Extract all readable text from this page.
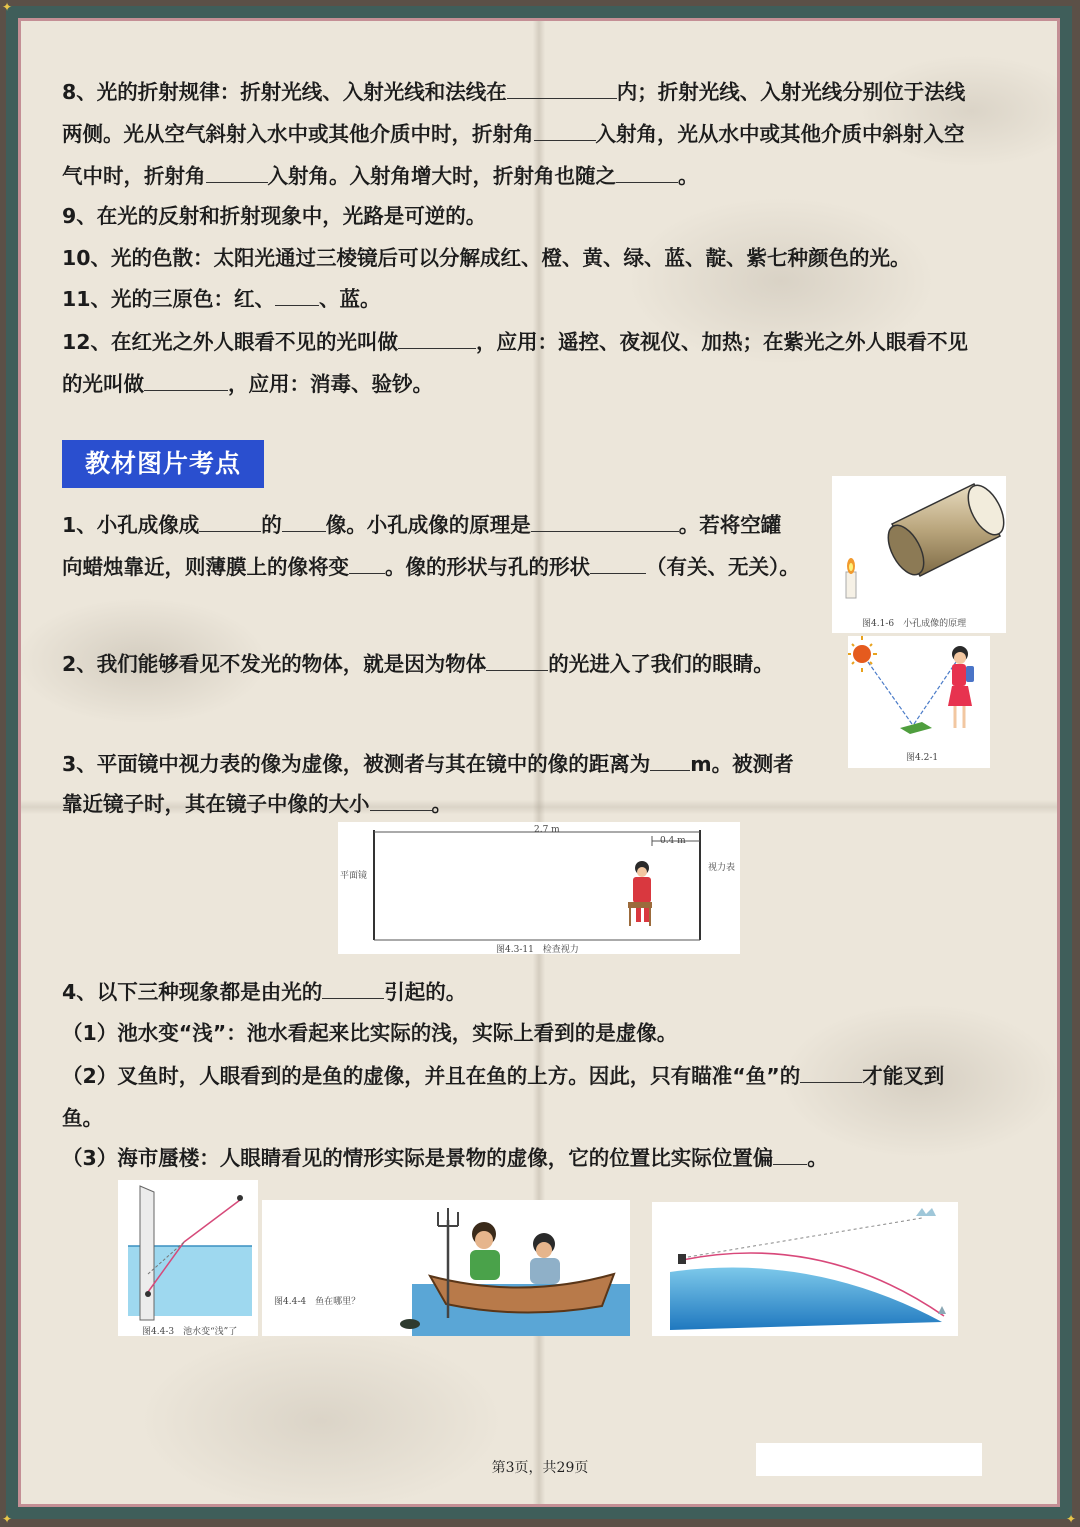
✦
✦	✦
8、光的折射规律：折射光线、入射光线和法线在	内；折射光线、入射光线分别位于法线
两侧。光从空气斜射入水中或其他介质中时，折射角	入射角，光从水中或其他介质中斜射入空
气中时，折射角	入射角。入射角增大时，折射角也随之	。
9、在光的反射和折射现象中，光路是可逆的。
10、光的色散：太阳光通过三棱镜后可以分解成红、橙、黄、绿、蓝、靛、紫七种颜色的光。
11、光的三原色：红、 、蓝。
12、在红光之外人眼看不见的光叫做	，应用：遥控、夜视仪、加热；在紫光之外人眼看不见
的光叫做	，应用：消毒、验钞。
教材图片考点
1、小孔成像成	的 像。小孔成像的原理是	。若将空罐
向蜡烛靠近，则薄膜上的像将变 。像的形状与孔的形状	（有关、无关）。
图4.1-6　小孔成像的原理
2、我们能够看见不发光的物体，就是因为物体	的光进入了我们的眼睛。
图4.2-1
3、平面镜中视力表的像为虚像，被测者与其在镜中的像的距离为 m。被测者
靠近镜子时，其在镜子中像的大小	。
2.7 m
0.4 m
平面镜
视力表
图4.3-11　检查视力
4、以下三种现象都是由光的	引起的。
（1）池水变“浅”：池水看起来比实际的浅，实际上看到的是虚像。
（2）叉鱼时，人眼看到的是鱼的虚像，并且在鱼的上方。因此，只有瞄准“鱼”的	才能叉到
鱼。
（3）海市蜃楼：人眼睛看见的情形实际是景物的虚像，它的位置比实际位置偏 。
图4.4-3　池水变“浅”了
图4.4-4　鱼在哪里？
第3页，共29页
